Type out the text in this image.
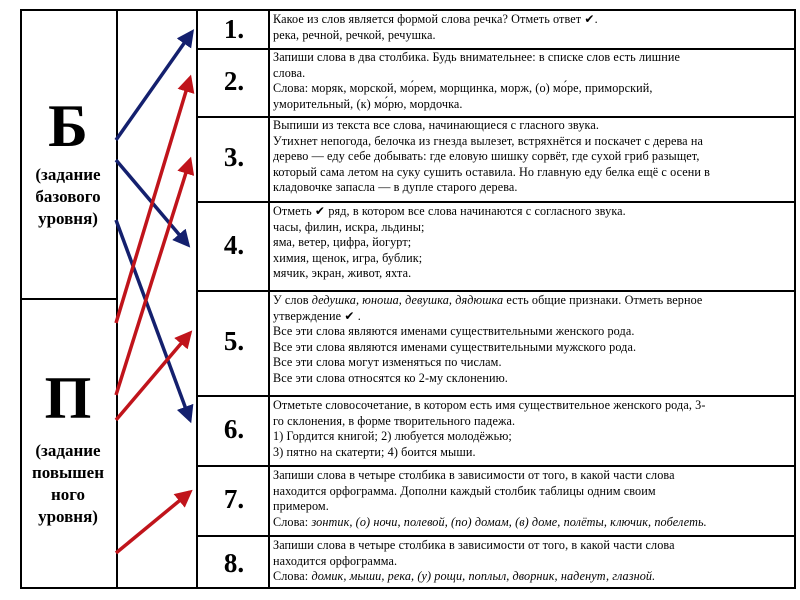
Б
(задание
базового
уровня)
П
(задание
повышен
ного
уровня)
1.
2.
3.
4.
5.
6.
7.
8.

Какое из слов является формой слова речка? Отметь ответ ✔.

река, речной, речкой, речушка.

Запиши слова в два столбика. Будь внимательнее: в списке слов есть лишние

слова.

Слова: моряк, морской, мо́рем, морщинка, морж, (о) мо́ре, приморский,

уморительный, (к) мо́рю, мордочка.

Выпиши из текста все слова, начинающиеся с гласного звука.

Утихнет непогода, белочка из гнезда вылезет, встряхнётся и поскачет с дерева на

дерево — еду себе добывать: где еловую шишку сорвёт, где сухой гриб разыщет,

который сама летом на суку сушить оставила. Но главную еду белка ещё с осени в

кладовочке запасла — в дупле старого дерева.

Отметь ✔ ряд, в котором все слова начинаются с согласного звука.

часы, филин, искра, льдины;

яма, ветер, цифра, йогурт;

химия, щенок, игра, бублик;

мячик, экран, живот, яхта.

У слов дедушка, юноша, девушка, дядюшка есть общие признаки. Отметь верное

утверждение ✔ .

Все эти слова являются именами существительными женского рода.

Все эти слова являются именами существительными мужского рода.

Все эти слова могут изменяться по числам.

Все эти слова относятся ко 2-му склонению.

Отметьте словосочетание, в котором есть имя существительное женского рода, 3-

го склонения, в форме творительного падежа.

1) Гордится книгой; 2) любуется молодёжью;

3) пятно на скатерти; 4) боится мыши.

Запиши слова в четыре столбика в зависимости от того, в какой части слова

находится орфограмма. Дополни каждый столбик таблицы одним своим

примером.

Слова: зонтик, (о) ночи, полевой, (по) домам, (в) доме, полёты, ключик, побелеть.

Запиши слова в четыре столбика в зависимости от того, в какой части слова

находится орфограмма.

Слова: домик, мыши, река, (у) рощи, поплыл, дворник, наденут, глазной.
